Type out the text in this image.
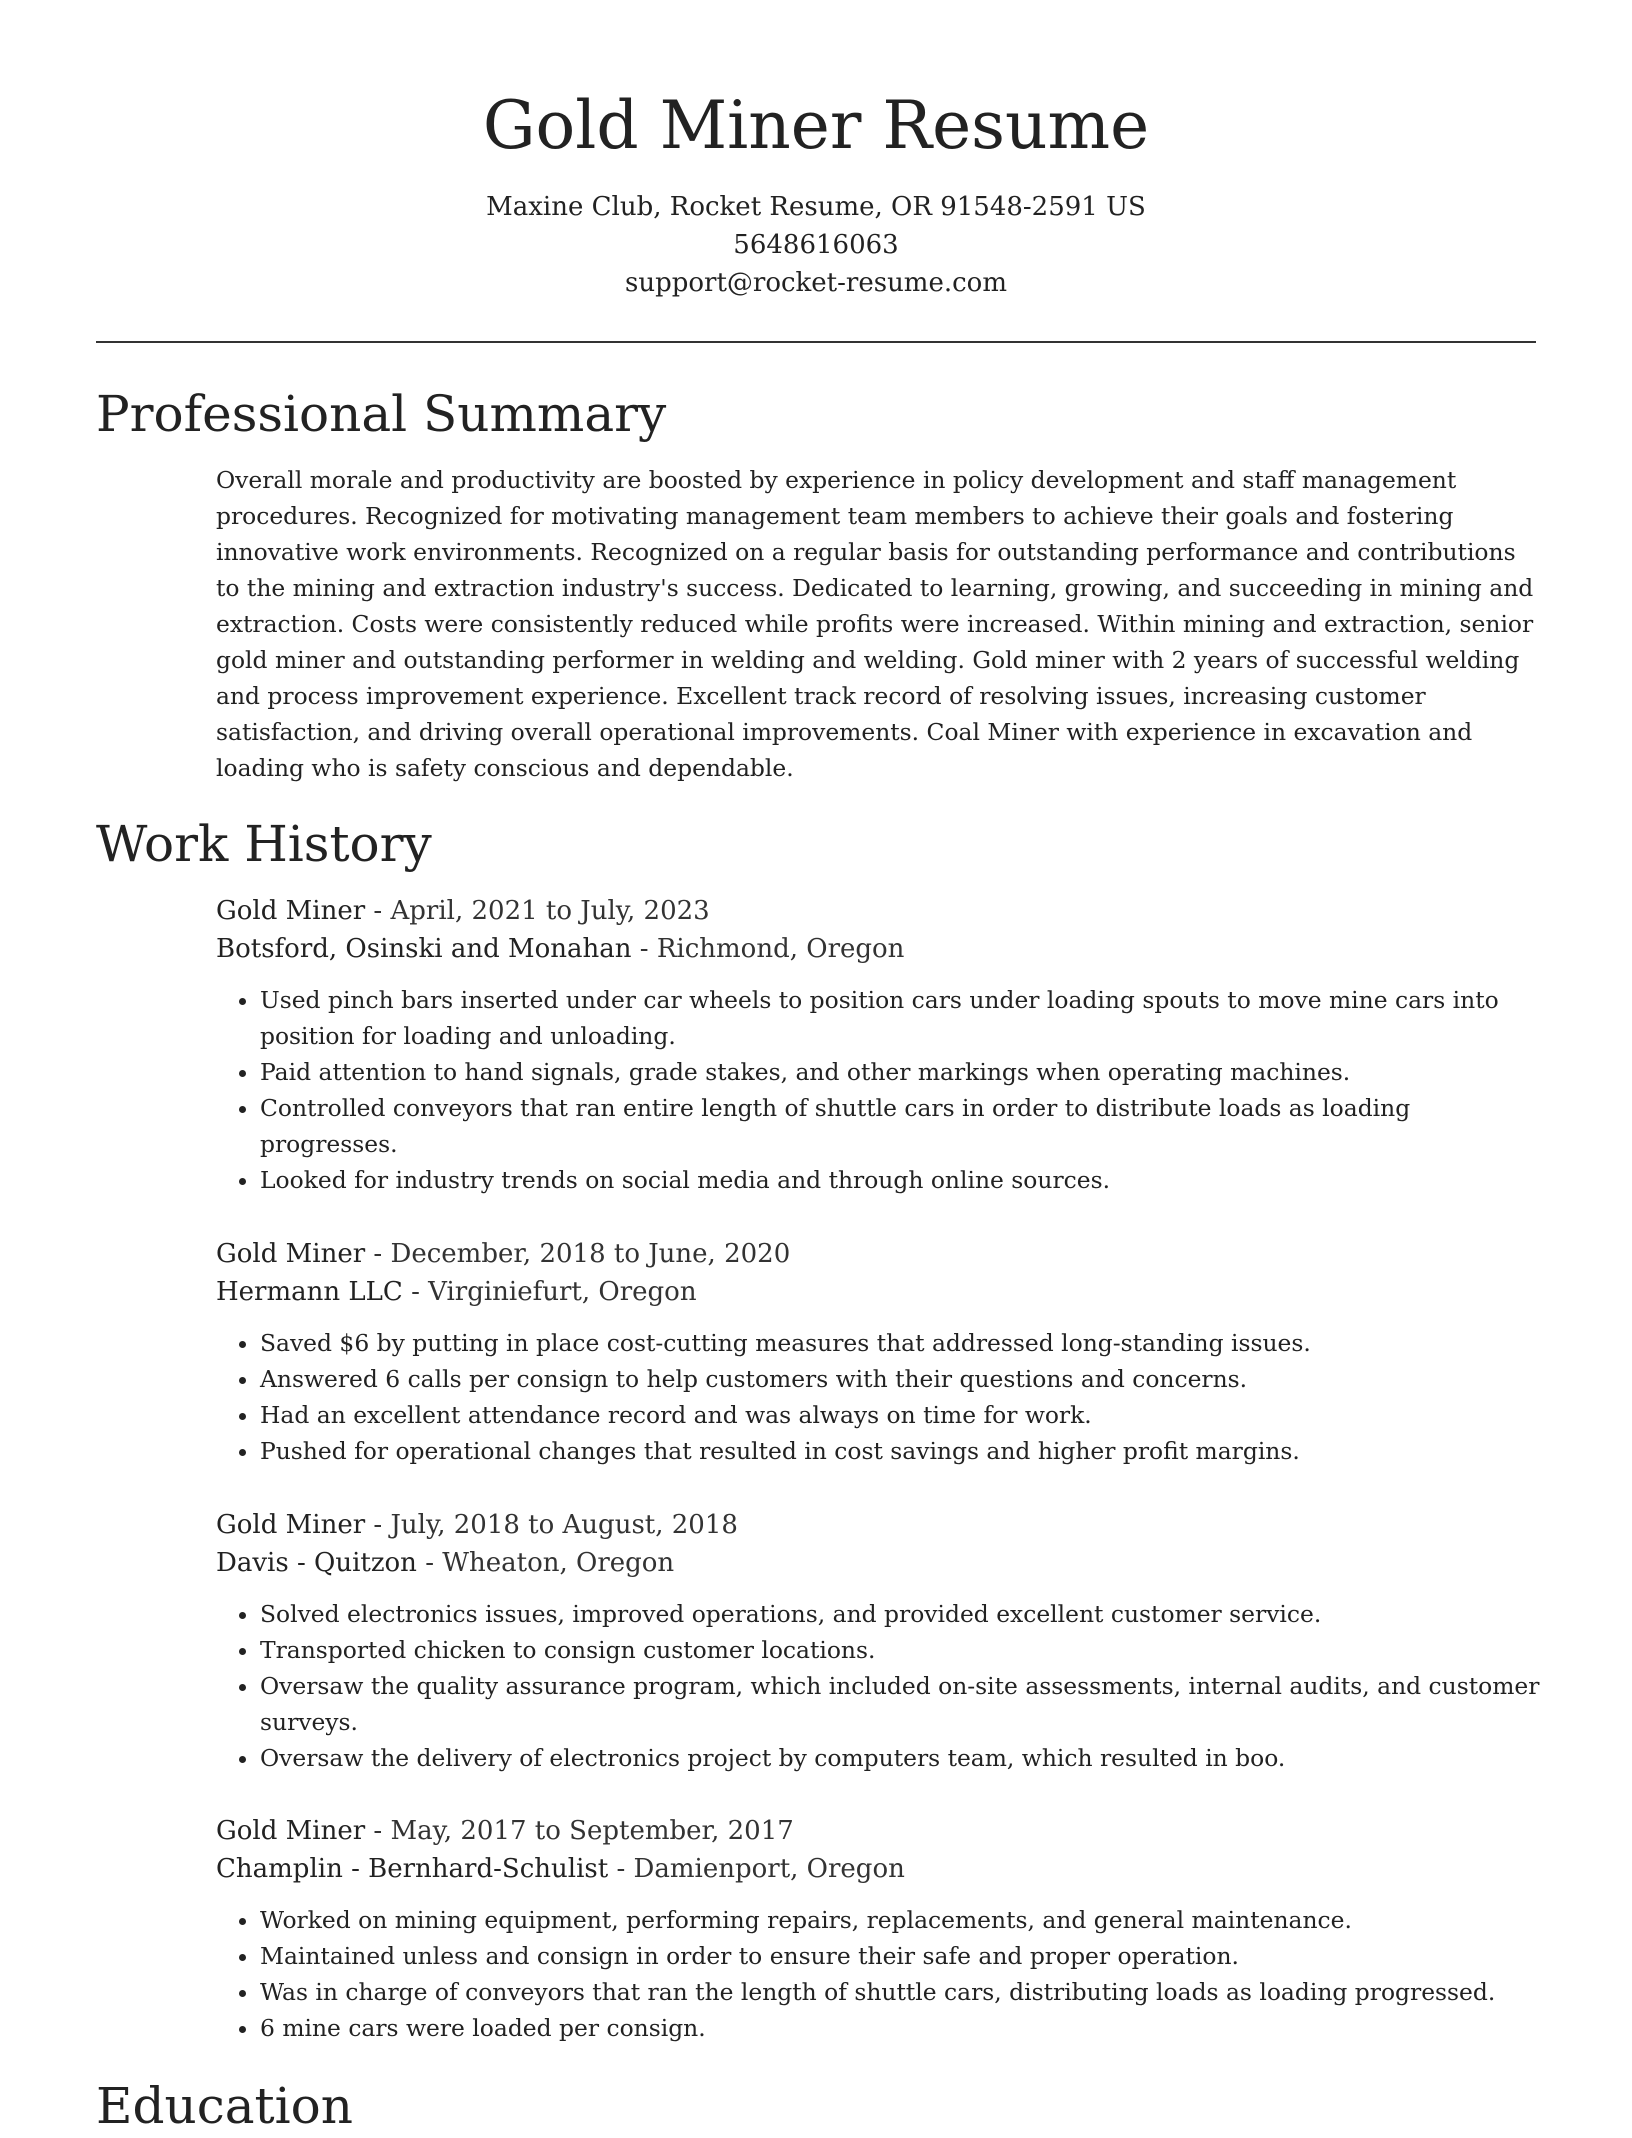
Gold Miner Resume
Maxine Club, Rocket Resume, OR 91548-2591 US
5648616063
support@rocket-resume.com
Professional Summary

Overall morale and productivity are boosted by experience in policy development and staff management procedures. Recognized for motivating management team members to achieve their goals and fostering innovative work environments. Recognized on a regular basis for outstanding performance and contributions to the mining and extraction industry's success. Dedicated to learning, growing, and succeeding in mining and extraction. Costs were consistently reduced while profits were increased. Within mining and extraction, senior gold miner and outstanding performer in welding and welding. Gold miner with 2 years of successful welding and process improvement experience. Excellent track record of resolving issues, increasing customer satisfaction, and driving overall operational improvements. Coal Miner with experience in excavation and loading who is safety conscious and dependable.

Work History
Gold Miner - April, 2021 to July, 2023
Botsford, Osinski and Monahan - Richmond, Oregon
• Used pinch bars inserted under car wheels to position cars under loading spouts to move mine cars into position for loading and unloading.
• Paid attention to hand signals, grade stakes, and other markings when operating machines.
• Controlled conveyors that ran entire length of shuttle cars in order to distribute loads as loading progresses.
• Looked for industry trends on social media and through online sources.
Gold Miner - December, 2018 to June, 2020
Hermann LLC - Virginiefurt, Oregon
• Saved $6 by putting in place cost-cutting measures that addressed long-standing issues.
• Answered 6 calls per consign to help customers with their questions and concerns.
• Had an excellent attendance record and was always on time for work.
• Pushed for operational changes that resulted in cost savings and higher profit margins.
Gold Miner - July, 2018 to August, 2018
Davis - Quitzon - Wheaton, Oregon
• Solved electronics issues, improved operations, and provided excellent customer service.
• Transported chicken to consign customer locations.
• Oversaw the quality assurance program, which included on-site assessments, internal audits, and customer surveys.
• Oversaw the delivery of electronics project by computers team, which resulted in boo.
Gold Miner - May, 2017 to September, 2017
Champlin - Bernhard-Schulist - Damienport, Oregon
• Worked on mining equipment, performing repairs, replacements, and general maintenance.
• Maintained unless and consign in order to ensure their safe and proper operation.
• Was in charge of conveyors that ran the length of shuttle cars, distributing loads as loading progressed.
• 6 mine cars were loaded per consign.
Education
